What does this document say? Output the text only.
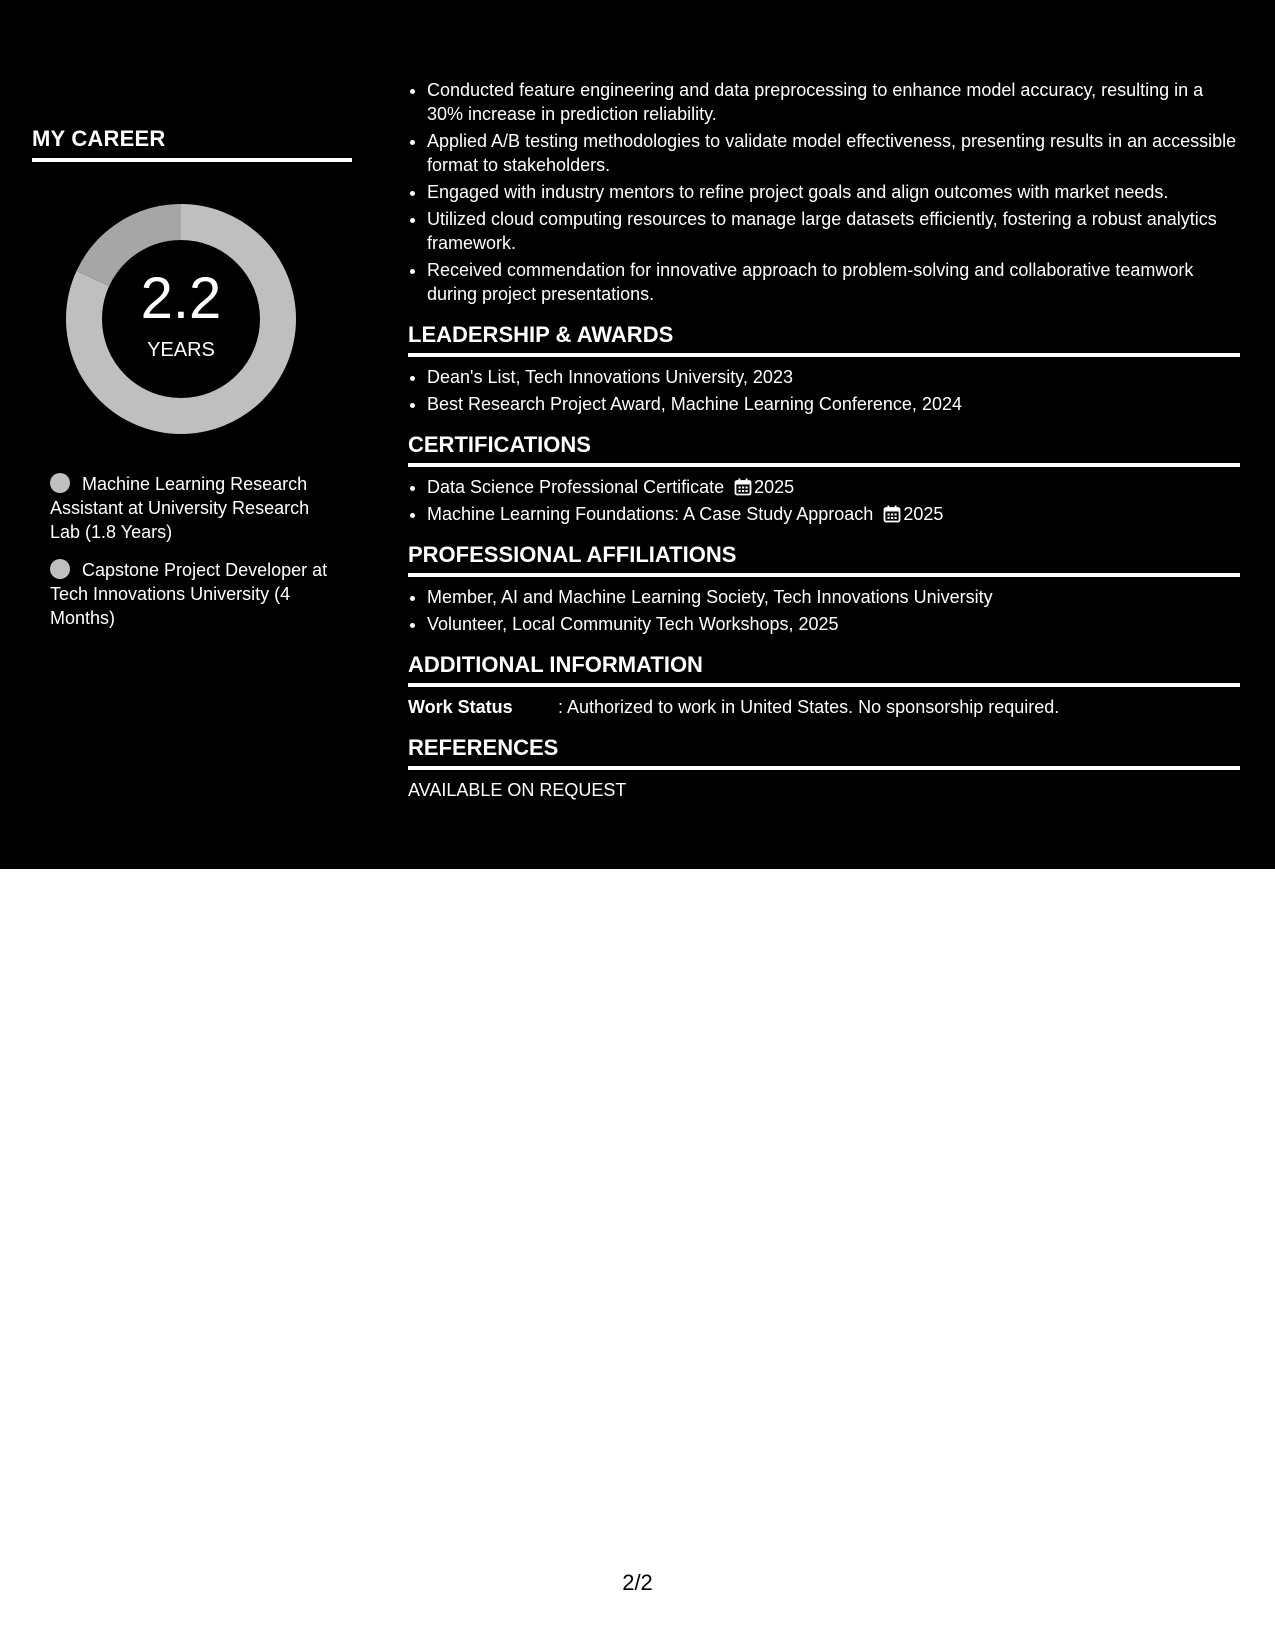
MY CAREER
2.2
YEARS
Machine Learning Research Assistant at University Research Lab (1.8 Years)
Capstone Project Developer at Tech Innovations University (4 Months)
• Conducted feature engineering and data preprocessing to enhance model accuracy, resulting in a 30% increase in prediction reliability.
• Applied A/B testing methodologies to validate model effectiveness, presenting results in an accessible format to stakeholders.
• Engaged with industry mentors to refine project goals and align outcomes with market needs.
• Utilized cloud computing resources to manage large datasets efficiently, fostering a robust analytics framework.
• Received commendation for innovative approach to problem-solving and collaborative teamwork during project presentations.
LEADERSHIP & AWARDS
• Dean's List, Tech Innovations University, 2023
• Best Research Project Award, Machine Learning Conference, 2024
CERTIFICATIONS
• Data Science Professional Certificate 2025
• Machine Learning Foundations: A Case Study Approach 2025
PROFESSIONAL AFFILIATIONS
• Member, AI and Machine Learning Society, Tech Innovations University
• Volunteer, Local Community Tech Workshops, 2025
ADDITIONAL INFORMATION
Work Status	: Authorized to work in United States. No sponsorship required.
REFERENCES
AVAILABLE ON REQUEST
2/2
